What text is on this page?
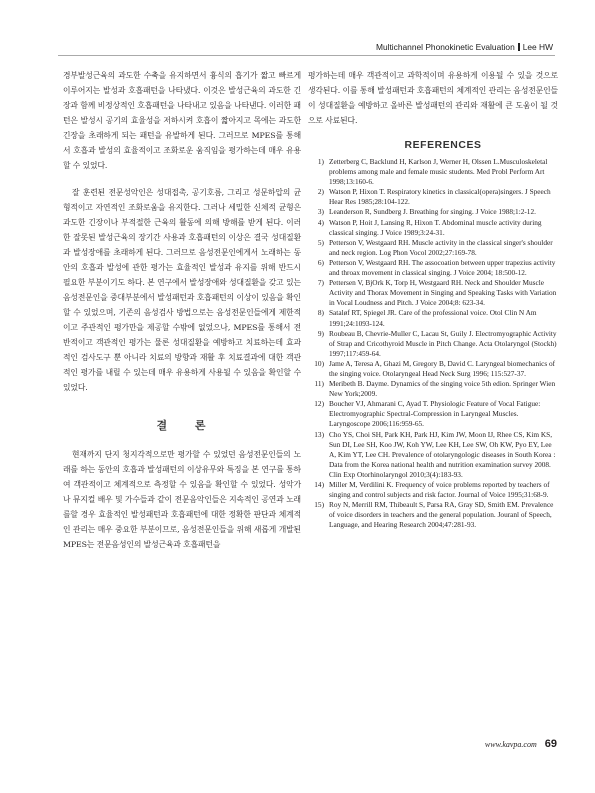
Multichannel Phonokinetic Evaluation Lee HW

경부발성근육의 과도한 수축을 유지하면서 흉식의 흡기가 짧고 빠르게 이루어지는 발성과 호흡패턴을 나타냈다. 이것은 발성근육의 과도한 긴장과 함께 비정상적인 호흡패턴을 나타내고 있음을 나타낸다. 이러한 패턴은 발성시 공기의 효율성을 저하시켜 호흡이 짧아지고 목에는 과도한 긴장을 초래하게 되는 패턴을 유발하게 된다. 그러므로 MPES를 통해서 호흡과 발성의 효율적이고 조화로운 움직임을 평가하는데 매우 유용할 수 있었다.

잘 훈련된 전문성악인은 성대접촉, 공기호름, 그리고 성문하압의 균형적이고 자연적인 조화로움을 유지한다. 그러나 세밀한 신체적 균형은 과도한 긴장이나 부적절한 근육의 활동에 의해 방해를 받게 된다. 이러한 잘못된 발성근육의 장기간 사용과 호흡패턴의 이상은 결국 성대질환과 발성장애를 초래하게 된다. 그러므로 음성전문인에게서 노래하는 동안의 호흡과 발성에 관한 평가는 효율적인 발성과 유지를 위해 반드시 필요한 부분이기도 하다. 본 연구에서 발성장애와 성대질환을 갖고 있는 음성전문인을 중대부분에서 발성패턴과 호흡패턴의 이상이 있음을 확인할 수 있었으며, 기존의 음성검사 방법으로는 음성전문인들에게 제한적이고 주관적인 평가만을 제공할 수밖에 없었으나, MPES를 통해서 전반적이고 객관적인 평가는 물론 성대질환을 예방하고 치료하는데 효과적인 검사도구 뿐 아니라 치료의 방향과 재활 후 치료결과에 대한 객관적인 평가를 내릴 수 있는데 매우 유용하게 사용될 수 있음을 확인할 수 있었다.

결 론

현재까지 단지 청지각적으로만 평가할 수 있었던 음성전문인들의 노래를 하는 동안의 호흡과 발성패턴의 이상유무와 특징을 본 연구를 통하여 객관적이고 체계적으로 측정할 수 있음을 확인할 수 있었다. 성악가나 뮤지컬 배우 및 가수들과 같이 전문음악인들은 지속적인 공연과 노래를할 경우 효율적인 발성패턴과 호흡패턴에 대한 정확한 판단과 체계적인 관리는 매우 중요한 부분이므로, 음성전문인들을 위해 새롭게 개발된 MPES는 전문음성인의 발성근육과 호흡패턴을

평가하는데 매우 객관적이고 과학적이며 유용하게 이용될 수 있을 것으로 생각된다. 이를 통해 발성패턴과 호흡패턴의 체계적인 관리는 음성전문인들이 성대질환을 예방하고 올바른 발성패턴의 관리와 재활에 큰 도움이 될 것으로 사료된다.

REFERENCES
1) Zetterberg C, Backlund H, Karlson J, Werner H, Olssen L.Musculoskeletal problems among male and female music students. Med Probl Perform Art 1998;13:160-6.
2) Watson P, Hixon T. Respiratory kinetics in classical(opera)singers. J Speech Hear Res 1985;28:104-122.
3) Leanderson R, Sundberg J. Breathing for singing. J Voice 1988;1:2-12.
4) Watson P, Hoit J, Lansing R, Hixon T. Abdominal muscle activity during classical singing. J Voice 1989;3:24-31.
5) Petterson V, Westgaard RH. Muscle activity in the classical singer's shoulder and neck region. Log Phon Vocol 2002;27:169-78.
6) Petterson V, Westgaard RH. The assocoation between upper trapezius activity and throax movement in classical singing. J Voice 2004; 18:500-12.
7) Pettersen V, BjOrk K, Torp H, Westgaard RH. Neck and Shoulder Muscle Activity and Thorax Movement in Singing and Speaking Tasks with Variation in Vocal Loudness and Pitch. J Voice 2004;8: 623-34.
8) Sataløf RT, Spiegel JR. Care of the professional voice. Otol Clin N Am 1991;24:1093-124.
9) Roubeau B, Chevrie-Muller C, Lacau St, Guily J. Electromyographic Activity of Strap and Cricothyroid Muscle in Pitch Change. Acta Otolaryngol (Stockh) 1997;117:459-64.
10) Jame A, Teresa A, Ghazi M, Gregory B, David C. Laryngeal biomechanics of the singing voice. Otolaryngeal Head Neck Surg 1996; 115:527-37.
11) Meribeth B. Dayme. Dynamics of the singing voice 5th edion. Springer Wien New York;2009.
12) Boucher VJ, Ahmarani C, Ayad T. Physiologic Feature of Vocal Fatigue: Electromyographic Spectral-Compression in Laryngeal Muscles. Laryngoscope 2006;116:959-65.
13) Cho YS, Choi SH, Park KH, Park HJ, Kim JW, Moon IJ, Rhee CS, Kim KS, Sun DI, Lee SH, Koo JW, Koh YW, Lee KH, Lee SW, Oh KW, Pyo EY, Lee A, Kim YT, Lee CH. Prevalence of otolaryngologic diseases in South Korea : Data from the Korea national health and nutrition examination survey 2008. Clin Exp Otorhinolaryngol 2010;3(4):183-93.
14) Miller M, Verdilini K. Frequency of voice problems reported by teachers of singing and control subjects and risk factor. Journal of Voice 1995;31:68-9.
15) Roy N, Merrill RM, Thibeault S, Parsa RA, Gray SD, Smith EM. Prevalence of voice disorders in teachers and the general population. Jouranl of Speech, Language, and Hearing Research 2004;47:281-93.
www.kavpa.com 69
